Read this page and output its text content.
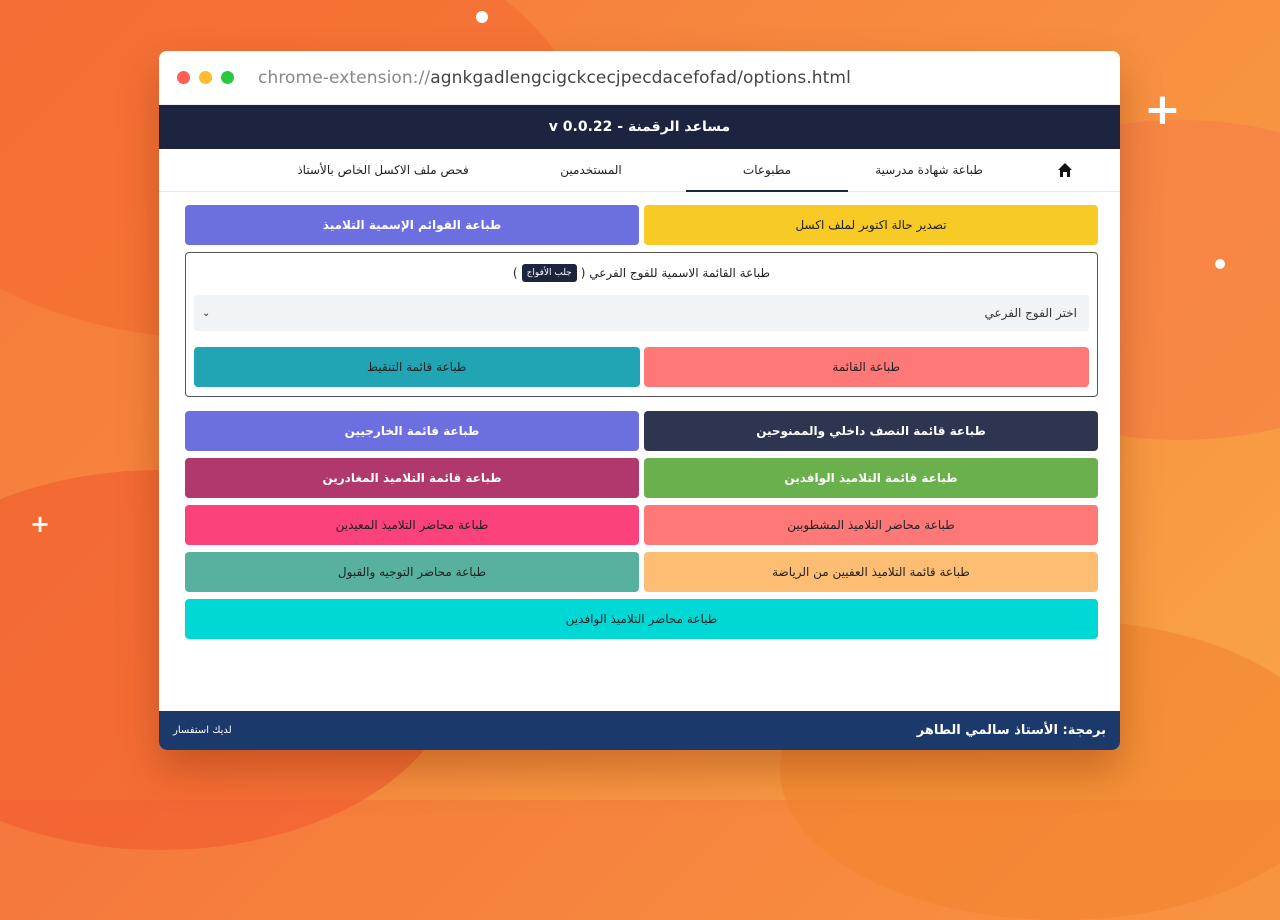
+
+
chrome-extension://agnkgadlengcigckcecjpecdacefofad/options.html
مساعد الرقمنة - v 0.0.22
طباعة شهادة مدرسية
مطبوعات
المستخدمين
فحص ملف الاكسل الخاص بالأستاذ
تصدير حالة اكتوبر لملف اكسل
طباعة القوائم الإسمية التلاميذ
طباعة القائمة الاسمية للفوج الفرعي (
جلب الأفواج
)
اختر الفوج الفرعي
⌄
طباعة القائمة
طباعة قائمة التنقيط
طباعة قائمة النصف داخلي والممنوحين
طباعة قائمة الخارجيين
طباعة قائمة التلاميذ الوافدين
طباعة قائمة التلاميذ المغادرين
طباعة محاضر التلاميذ المشطوبين
طباعة محاضر التلاميذ المعيدين
طباعة قائمة التلاميذ العفيين من الرياضة
طباعة محاضر التوجيه والقبول
طباعة محاضر التلاميذ الوافدين
برمجة: الأستاذ سالمي الطاهر
لديك استفسار
